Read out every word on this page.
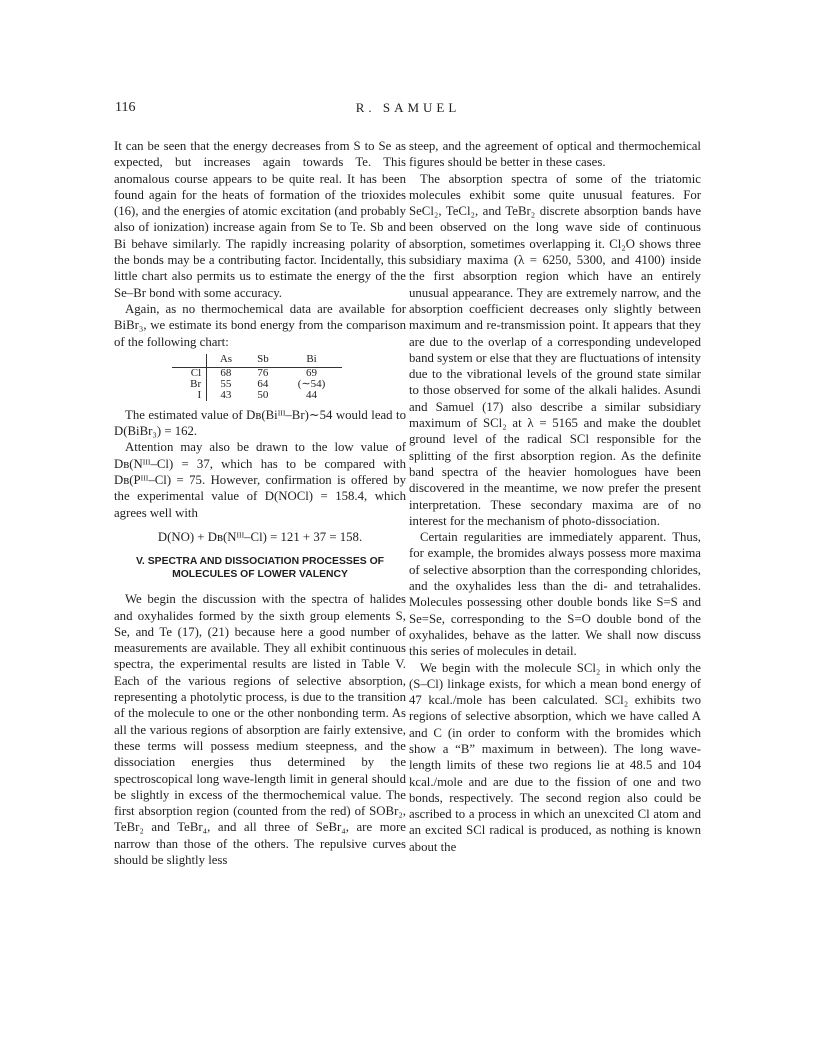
116	R. SAMUEL

It can be seen that the energy decreases from S to Se as expected, but increases again towards Te. This anomalous course appears to be quite real. It has been found again for the heats of formation of the trioxides (16), and the energies of atomic excitation (and probably also of ionization) increase again from Se to Te. Sb and Bi behave similarly. The rapidly increasing polarity of the bonds may be a contributing factor. Incidentally, this little chart also permits us to estimate the energy of the Se–Br bond with some accuracy.

Again, as no thermochemical data are available for BiBr₃, we estimate its bond energy from the comparison of the following chart:

	As	Sb	Bi
Cl	68	76	69
Br	55	64	(∼54)
I	43	50	44

The estimated value of Dʙ(Biᴵᴵᴵ–Br)∼54 would lead to D(BiBr₃) = 162.

Attention may also be drawn to the low value of Dʙ(Nᴵᴵᴵ–Cl) = 37, which has to be compared with Dʙ(Pᴵᴵᴵ–Cl) = 75. However, confirmation is offered by the experimental value of D(NOCl) = 158.4, which agrees well with

D(NO) + Dʙ(Nᴵᴵᴵ–Cl) = 121 + 37 = 158.
V. SPECTRA AND DISSOCIATION PROCESSES OF MOLECULES OF LOWER VALENCY

We begin the discussion with the spectra of halides and oxyhalides formed by the sixth group elements S, Se, and Te (17), (21) because here a good number of measurements are available. They all exhibit continuous spectra, the experimental results are listed in Table V. Each of the various regions of selective absorption, representing a photolytic process, is due to the transition of the molecule to one or the other nonbonding term. As all the various regions of absorption are fairly extensive, these terms will possess medium steepness, and the dissociation energies thus determined by the spectroscopical long wave-length limit in general should be slightly in excess of the thermochemical value. The first absorption region (counted from the red) of SOBr₂, TeBr₂ and TeBr₄, and all three of SeBr₄, are more narrow than those of the others. The repulsive curves should be slightly less

steep, and the agreement of optical and thermochemical figures should be better in these cases.

The absorption spectra of some of the triatomic molecules exhibit some quite unusual features. For SeCl₂, TeCl₂, and TeBr₂ discrete absorption bands have been observed on the long wave side of continuous absorption, sometimes overlapping it. Cl₂O shows three subsidiary maxima (λ = 6250, 5300, and 4100) inside the first absorption region which have an entirely unusual appearance. They are extremely narrow, and the absorption coefficient decreases only slightly between maximum and re-transmission point. It appears that they are due to the overlap of a corresponding undeveloped band system or else that they are fluctuations of intensity due to the vibrational levels of the ground state similar to those observed for some of the alkali halides. Asundi and Samuel (17) also describe a similar subsidiary maximum of SCl₂ at λ = 5165 and make the doublet ground level of the radical SCl responsible for the splitting of the first absorption region. As the definite band spectra of the heavier homologues have been discovered in the meantime, we now prefer the present interpretation. These secondary maxima are of no interest for the mechanism of photo-dissociation.

Certain regularities are immediately apparent. Thus, for example, the bromides always possess more maxima of selective absorption than the corresponding chlorides, and the oxyhalides less than the di- and tetrahalides. Molecules possessing other double bonds like S=S and Se=Se, corresponding to the S=O double bond of the oxyhalides, behave as the latter. We shall now discuss this series of molecules in detail.

We begin with the molecule SCl₂ in which only the (S–Cl) linkage exists, for which a mean bond energy of 47 kcal./mole has been calculated. SCl₂ exhibits two regions of selective absorption, which we have called A and C (in order to conform with the bromides which show a “B” maximum in between). The long wave-length limits of these two regions lie at 48.5 and 104 kcal./mole and are due to the fission of one and two bonds, respectively. The second region also could be ascribed to a process in which an unexcited Cl atom and an excited SCl radical is produced, as nothing is known about the
